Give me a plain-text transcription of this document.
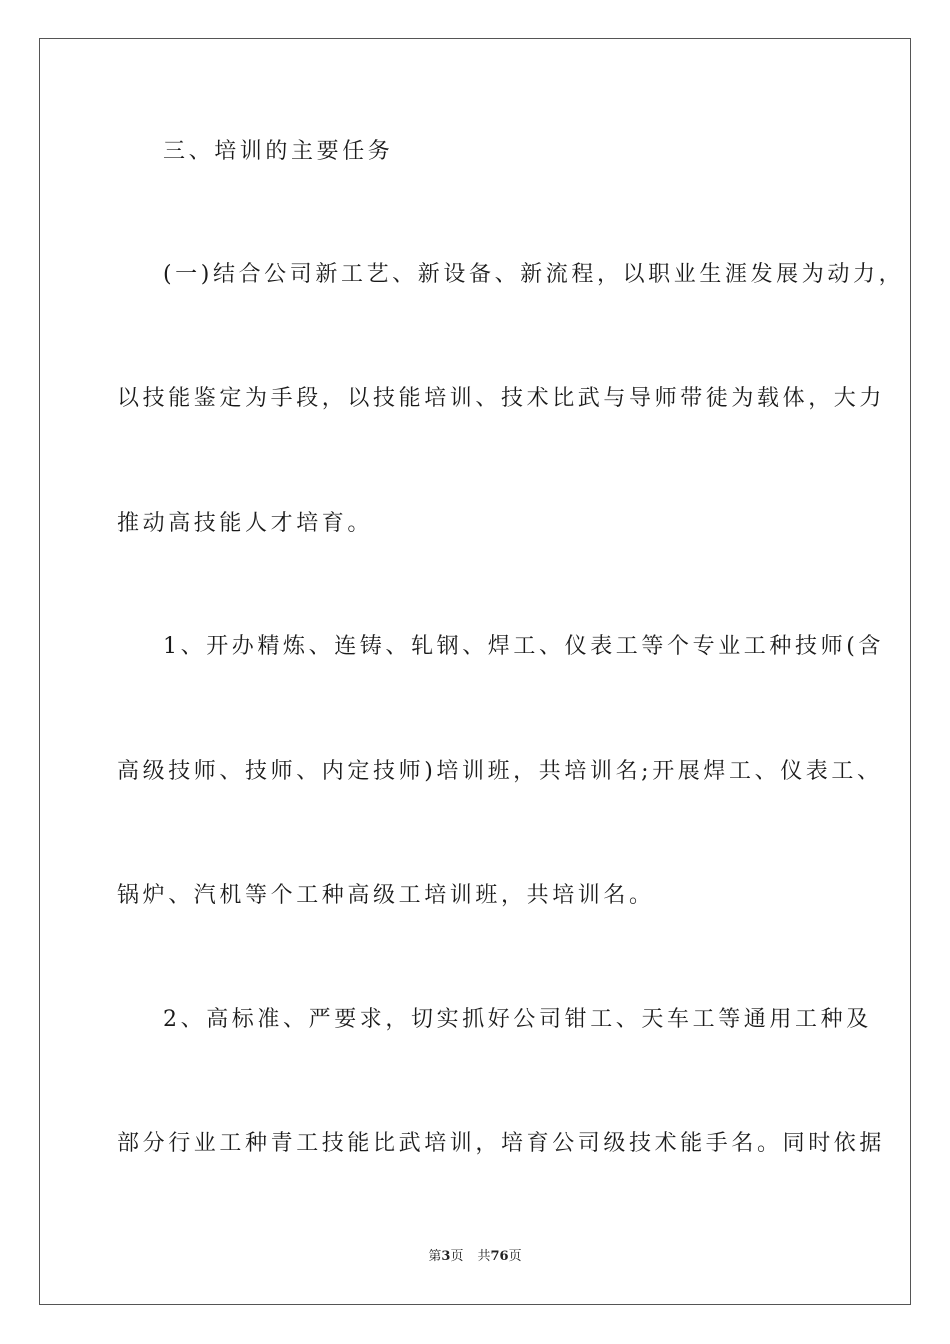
三、培训的主要任务
(一)结合公司新工艺、新设备、新流程，以职业生涯发展为动力，
以技能鉴定为手段，以技能培训、技术比武与导师带徒为载体，大力
推动高技能人才培育。
1、开办精炼、连铸、轧钢、焊工、仪表工等个专业工种技师(含
高级技师、技师、内定技师)培训班，共培训名;开展焊工、仪表工、
锅炉、汽机等个工种高级工培训班，共培训名。
2、高标准、严要求，切实抓好公司钳工、天车工等通用工种及
部分行业工种青工技能比武培训，培育公司级技术能手名。同时依据
第3页 共76页
